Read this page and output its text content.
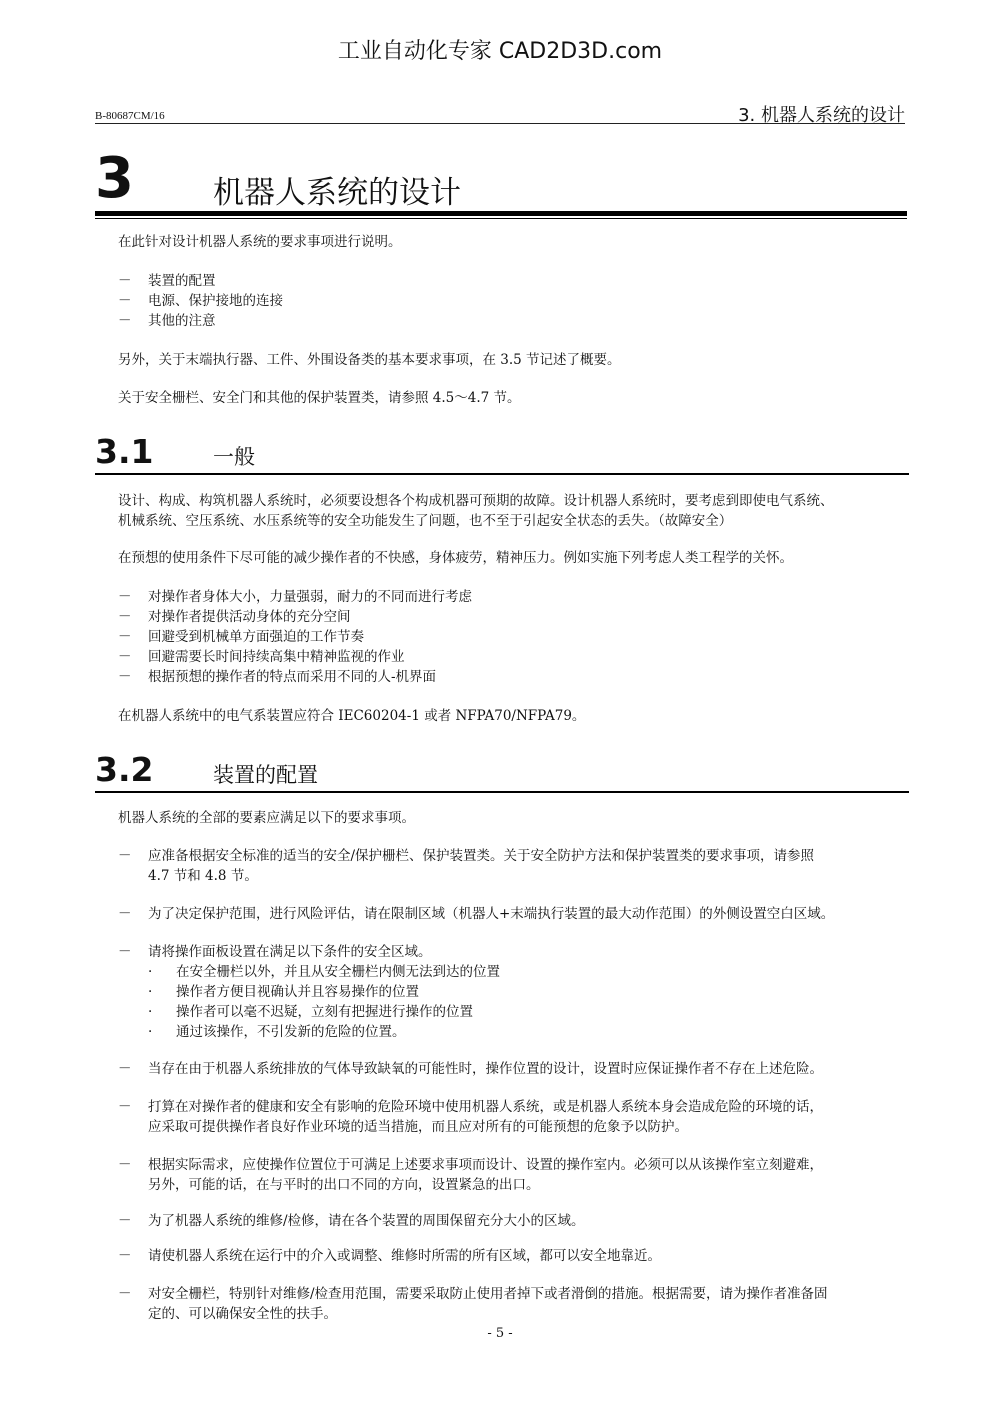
工业自动化专家 CAD2D3D.com
B-80687CM/16	3. 机器人系统的设计
3	机器人系统的设计
在此针对设计机器人系统的要求事项进行说明。
－ 装置的配置
－ 电源、保护接地的连接
－ 其他的注意
另外，关于末端执行器、工件、外围设备类的基本要求事项，在 3.5 节记述了概要。
关于安全栅栏、安全门和其他的保护装置类，请参照 4.5～4.7 节。
3.1	一般
设计、构成、构筑机器人系统时，必须要设想各个构成机器可预期的故障。设计机器人系统时，要考虑到即使电气系统、
机械系统、空压系统、水压系统等的安全功能发生了问题，也不至于引起安全状态的丢失。（故障安全）
在预想的使用条件下尽可能的减少操作者的不快感，身体疲劳，精神压力。例如实施下列考虑人类工程学的关怀。
－ 对操作者身体大小，力量强弱，耐力的不同而进行考虑
－ 对操作者提供活动身体的充分空间
－ 回避受到机械单方面强迫的工作节奏
－ 回避需要长时间持续高集中精神监视的作业
－ 根据预想的操作者的特点而采用不同的人-机界面
在机器人系统中的电气系装置应符合 IEC60204-1 或者 NFPA70/NFPA79。
3.2	装置的配置
机器人系统的全部的要素应满足以下的要求事项。
－ 应准备根据安全标准的适当的安全/保护栅栏、保护装置类。关于安全防护方法和保护装置类的要求事项，请参照
4.7 节和 4.8 节。
－ 为了决定保护范围，进行风险评估，请在限制区域（机器人+末端执行装置的最大动作范围）的外侧设置空白区域。
－ 请将操作面板设置在满足以下条件的安全区域。
· 在安全栅栏以外，并且从安全栅栏内侧无法到达的位置
· 操作者方便目视确认并且容易操作的位置
· 操作者可以毫不迟疑，立刻有把握进行操作的位置
· 通过该操作，不引发新的危险的位置。
－ 当存在由于机器人系统排放的气体导致缺氧的可能性时，操作位置的设计，设置时应保证操作者不存在上述危险。
－ 打算在对操作者的健康和安全有影响的危险环境中使用机器人系统，或是机器人系统本身会造成危险的环境的话，
应采取可提供操作者良好作业环境的适当措施，而且应对所有的可能预想的危象予以防护。
－ 根据实际需求，应使操作位置位于可满足上述要求事项而设计、设置的操作室内。必须可以从该操作室立刻避难，
另外，可能的话，在与平时的出口不同的方向，设置紧急的出口。
－ 为了机器人系统的维修/检修，请在各个装置的周围保留充分大小的区域。
－ 请使机器人系统在运行中的介入或调整、维修时所需的所有区域，都可以安全地靠近。
－ 对安全栅栏，特别针对维修/检查用范围，需要采取防止使用者掉下或者滑倒的措施。根据需要，请为操作者准备固
定的、可以确保安全性的扶手。
- 5 -
